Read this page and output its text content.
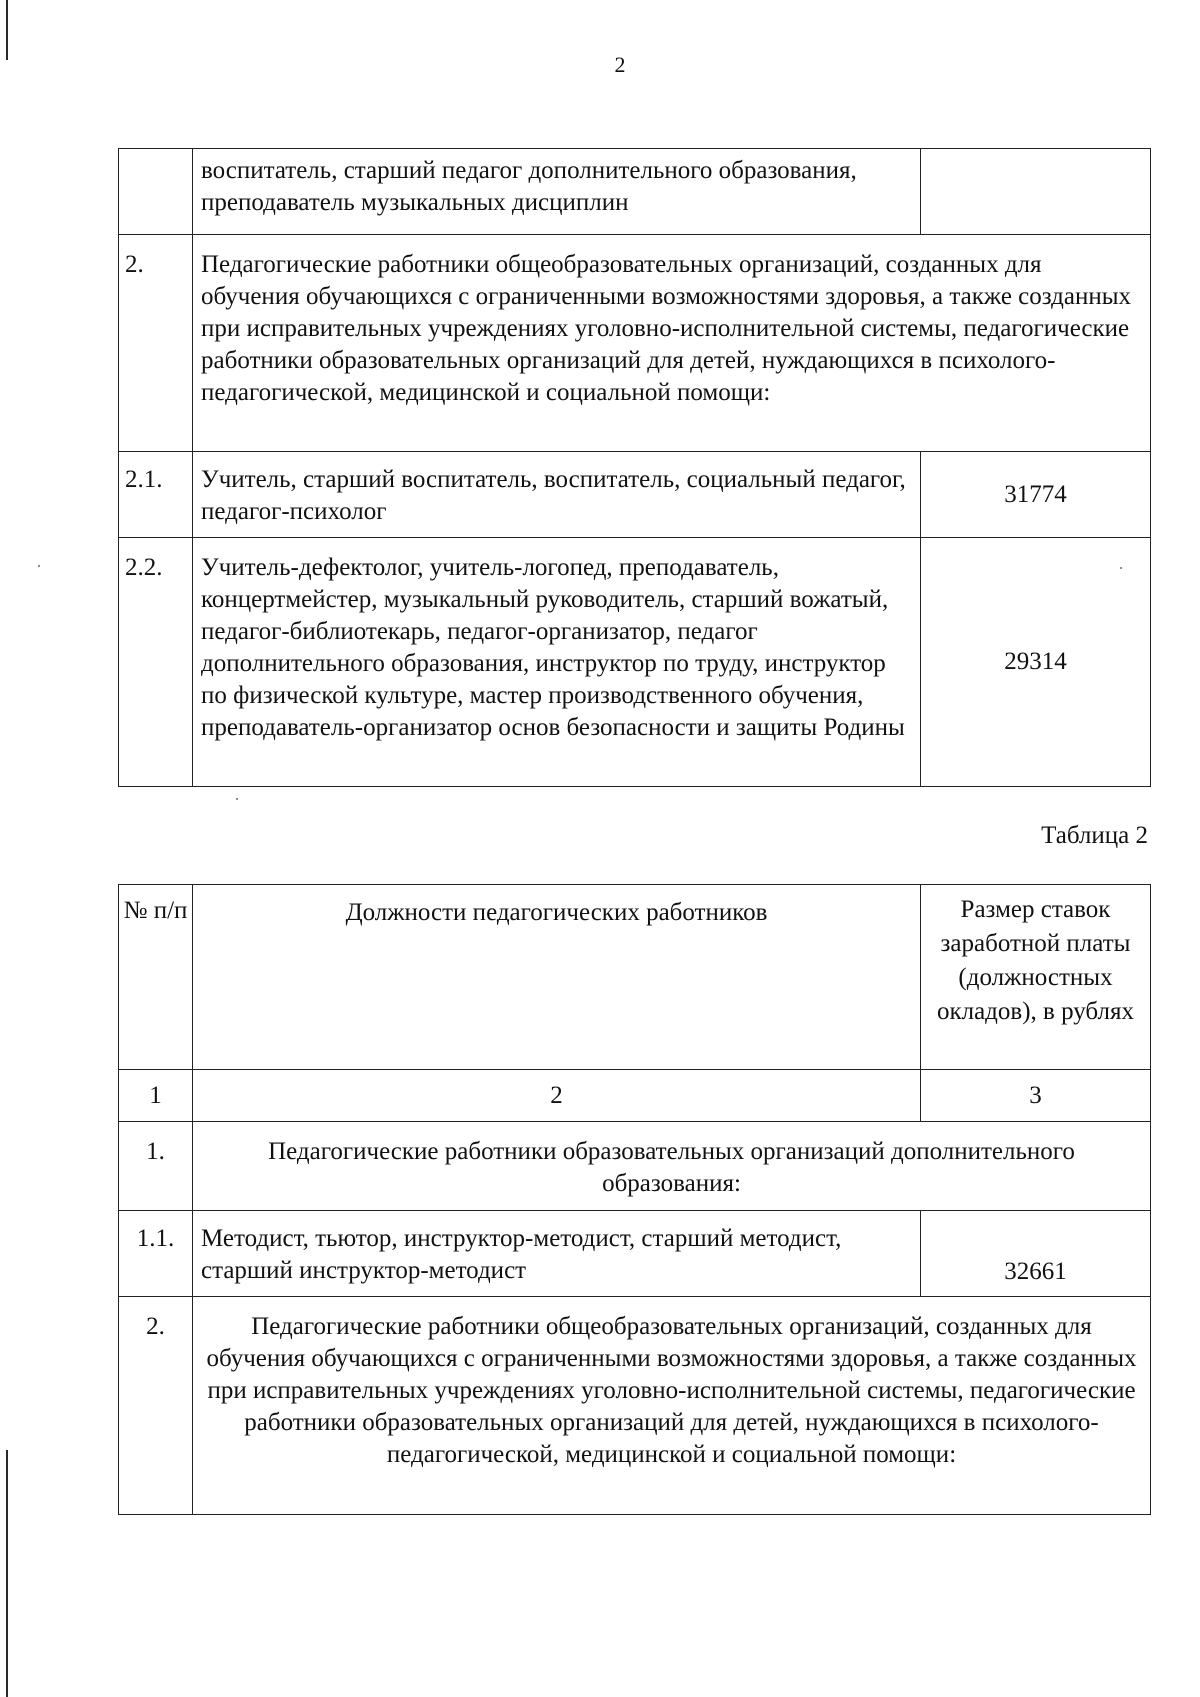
2
	воспитатель, старший педагог дополнительного образования, преподаватель музыкальных дисциплин	
2.	Педагогические работники общеобразовательных организаций, созданных для обучения обучающихся с ограниченными возможностями здоровья, а также созданных при исправительных учреждениях уголовно-исполнительной системы, педагогические работники образовательных организаций для детей, нуждающихся в психолого-педагогической, медицинской и социальной помощи:	
2.1.	Учитель, старший воспитатель, воспитатель, социальный педагог, педагог-психолог	31774
2.2.	Учитель-дефектолог, учитель-логопед, преподаватель, концертмейстер, музыкальный руководитель, старший вожатый, педагог-библиотекарь, педагог-организатор, педагог дополнительного образования, инструктор по труду, инструктор по физической культуре, мастер производственного обучения, преподаватель-организатор основ безопасности и защиты Родины	29314
Таблица 2
№ п/п	Должности педагогических работников	Размер ставок заработной платы (должностных окладов), в рублях
1	2	3
1.	Педагогические работники образовательных организаций дополнительного образования:	
1.1.	Методист, тьютор, инструктор-методист, старший методист, старший инструктор-методист	32661
2.	Педагогические работники общеобразовательных организаций, созданных для обучения обучающихся с ограниченными возможностями здоровья, а также созданных при исправительных учреждениях уголовно-исполнительной системы, педагогические работники образовательных организаций для детей, нуждающихся в психолого-педагогической, медицинской и социальной помощи:	
